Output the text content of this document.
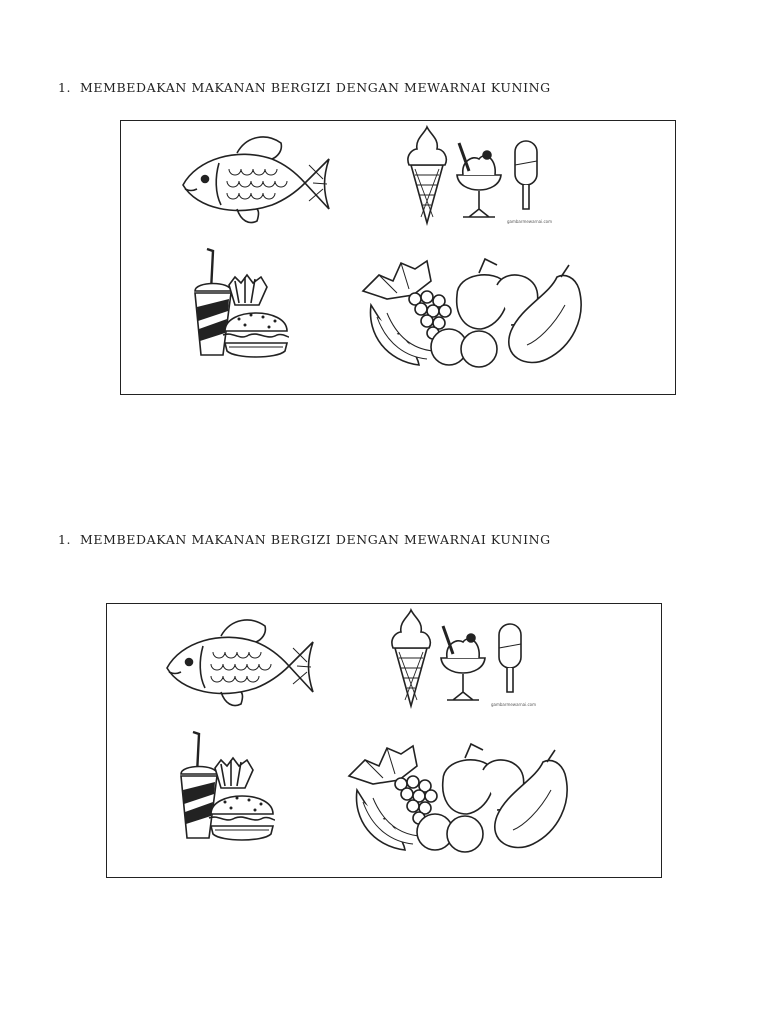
1. MEMBEDAKAN MAKANAN BERGIZI DENGAN MEWARNAI KUNING
gambarmewarnai.com
1. MEMBEDAKAN MAKANAN BERGIZI DENGAN MEWARNAI KUNING
gambarmewarnai.com
